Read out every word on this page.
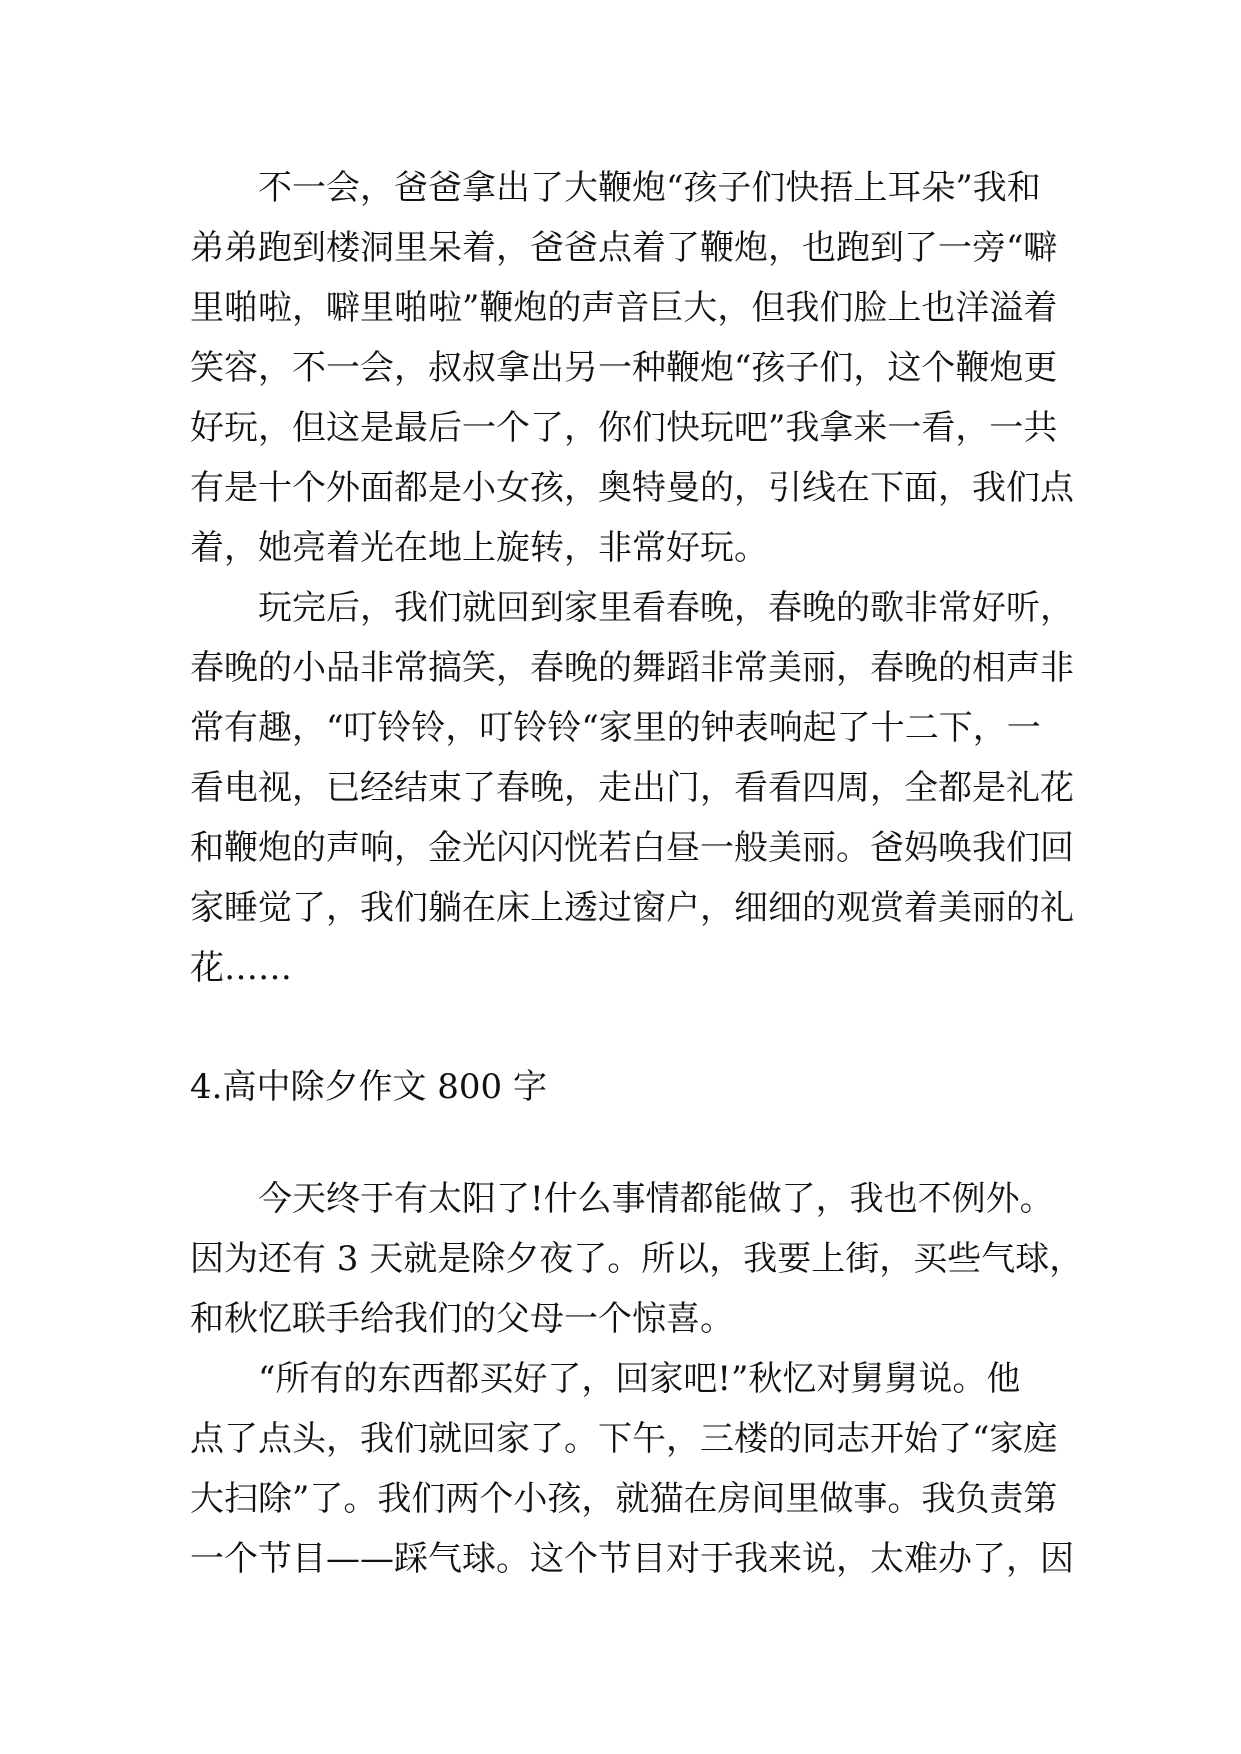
不一会，爸爸拿出了大鞭炮“孩子们快捂上耳朵”我和
弟弟跑到楼洞里呆着，爸爸点着了鞭炮，也跑到了一旁“噼
里啪啦，噼里啪啦”鞭炮的声音巨大，但我们脸上也洋溢着
笑容，不一会，叔叔拿出另一种鞭炮“孩子们，这个鞭炮更
好玩，但这是最后一个了，你们快玩吧”我拿来一看，一共
有是十个外面都是小女孩，奥特曼的，引线在下面，我们点
着，她亮着光在地上旋转，非常好玩。
玩完后，我们就回到家里看春晚，春晚的歌非常好听，
春晚的小品非常搞笑，春晚的舞蹈非常美丽，春晚的相声非
常有趣，“叮铃铃，叮铃铃“家里的钟表响起了十二下，一
看电视，已经结束了春晚，走出门，看看四周，全都是礼花
和鞭炮的声响，金光闪闪恍若白昼一般美丽。爸妈唤我们回
家睡觉了，我们躺在床上透过窗户，细细的观赏着美丽的礼
花……
4.高中除夕作文 800 字
今天终于有太阳了!什么事情都能做了，我也不例外。
因为还有 3 天就是除夕夜了。所以，我要上街，买些气球，
和秋忆联手给我们的父母一个惊喜。
“所有的东西都买好了，回家吧!”秋忆对舅舅说。他
点了点头，我们就回家了。下午，三楼的同志开始了“家庭
大扫除”了。我们两个小孩，就猫在房间里做事。我负责第
一个节目——踩气球。这个节目对于我来说，太难办了，因
